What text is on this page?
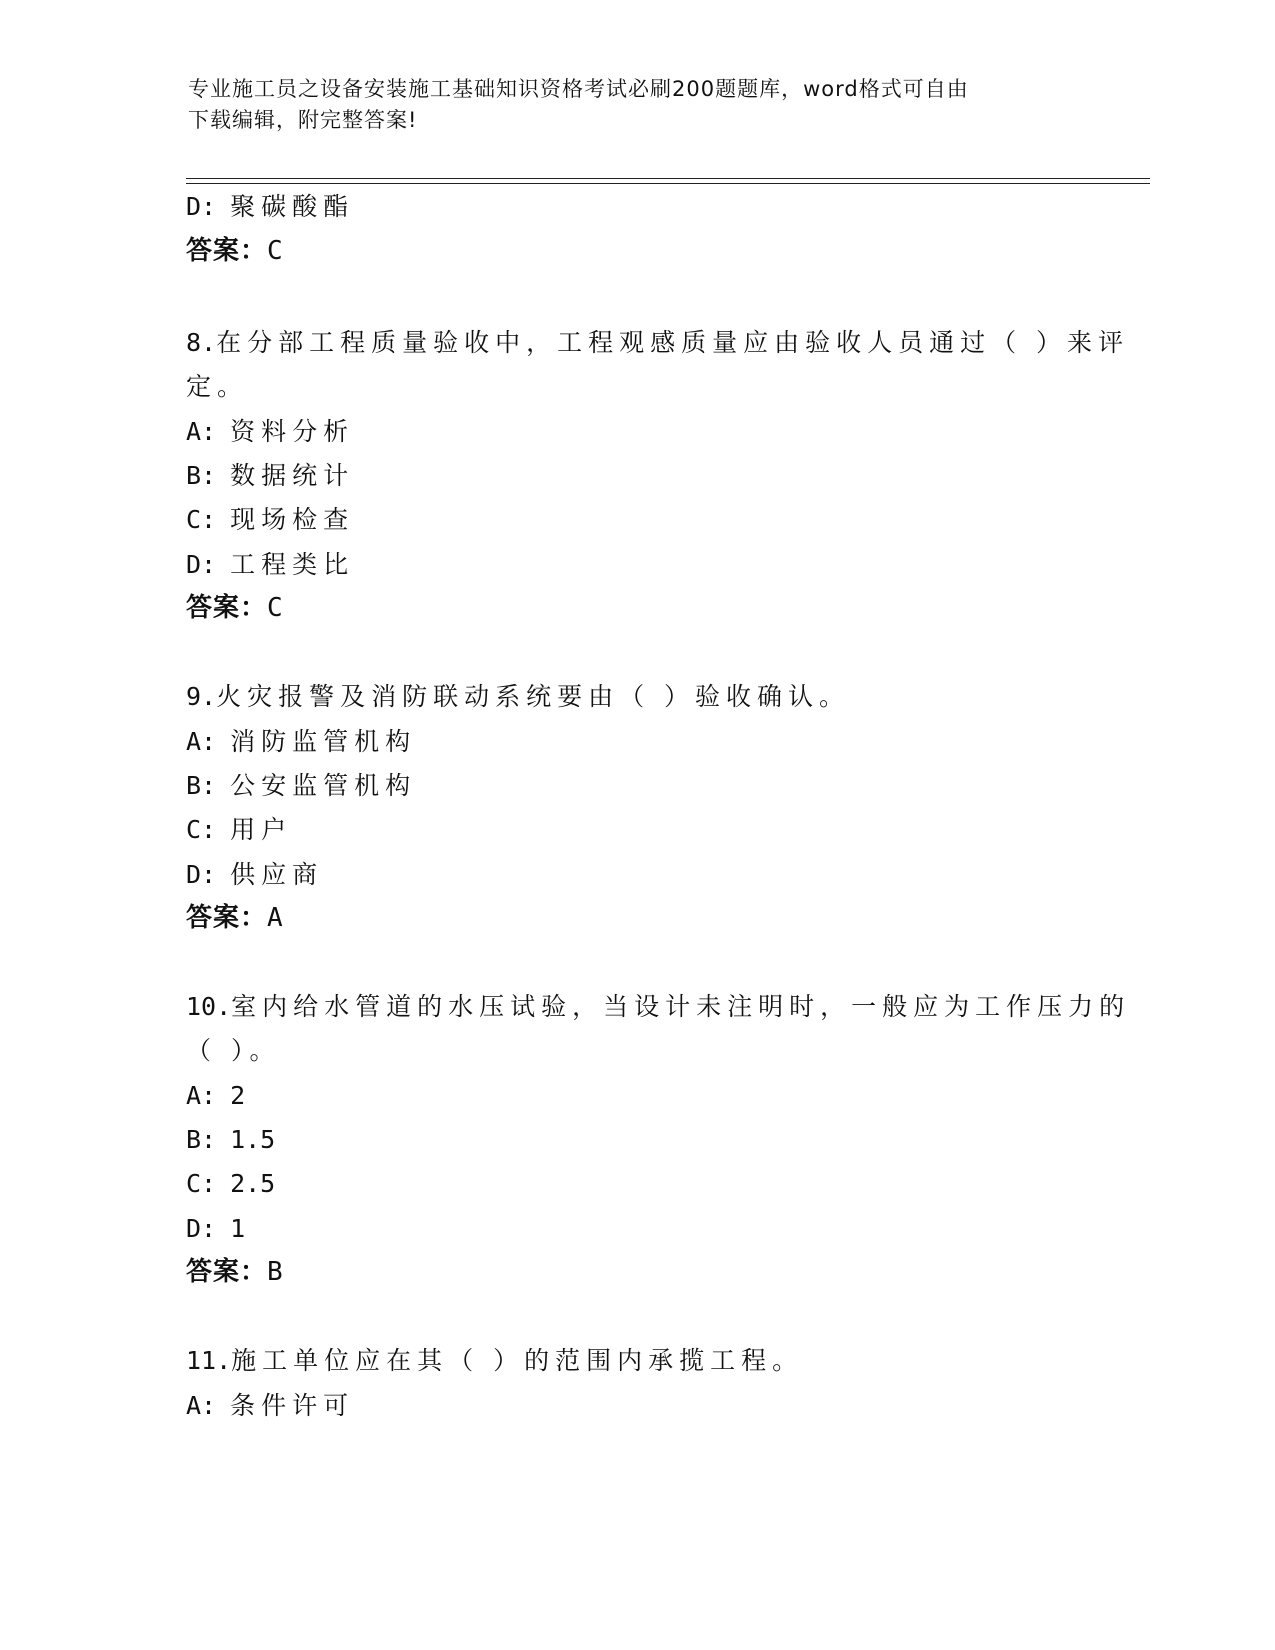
专业施工员之设备安装施工基础知识资格考试必刷200题题库，word格式可自由
下载编辑，附完整答案!
D: 聚碳酸酯
答案：C
8.在分部工程质量验收中，工程观感质量应由验收人员通过（ ）来评
定。
A: 资料分析
B: 数据统计
C: 现场检查
D: 工程类比
答案：C
9.火灾报警及消防联动系统要由（ ）验收确认。
A: 消防监管机构
B: 公安监管机构
C: 用户
D: 供应商
答案：A
10.室内给水管道的水压试验，当设计未注明时，一般应为工作压力的
（ ）。
A: 2
B: 1.5
C: 2.5
D: 1
答案：B
11.施工单位应在其（ ）的范围内承揽工程。
A: 条件许可
